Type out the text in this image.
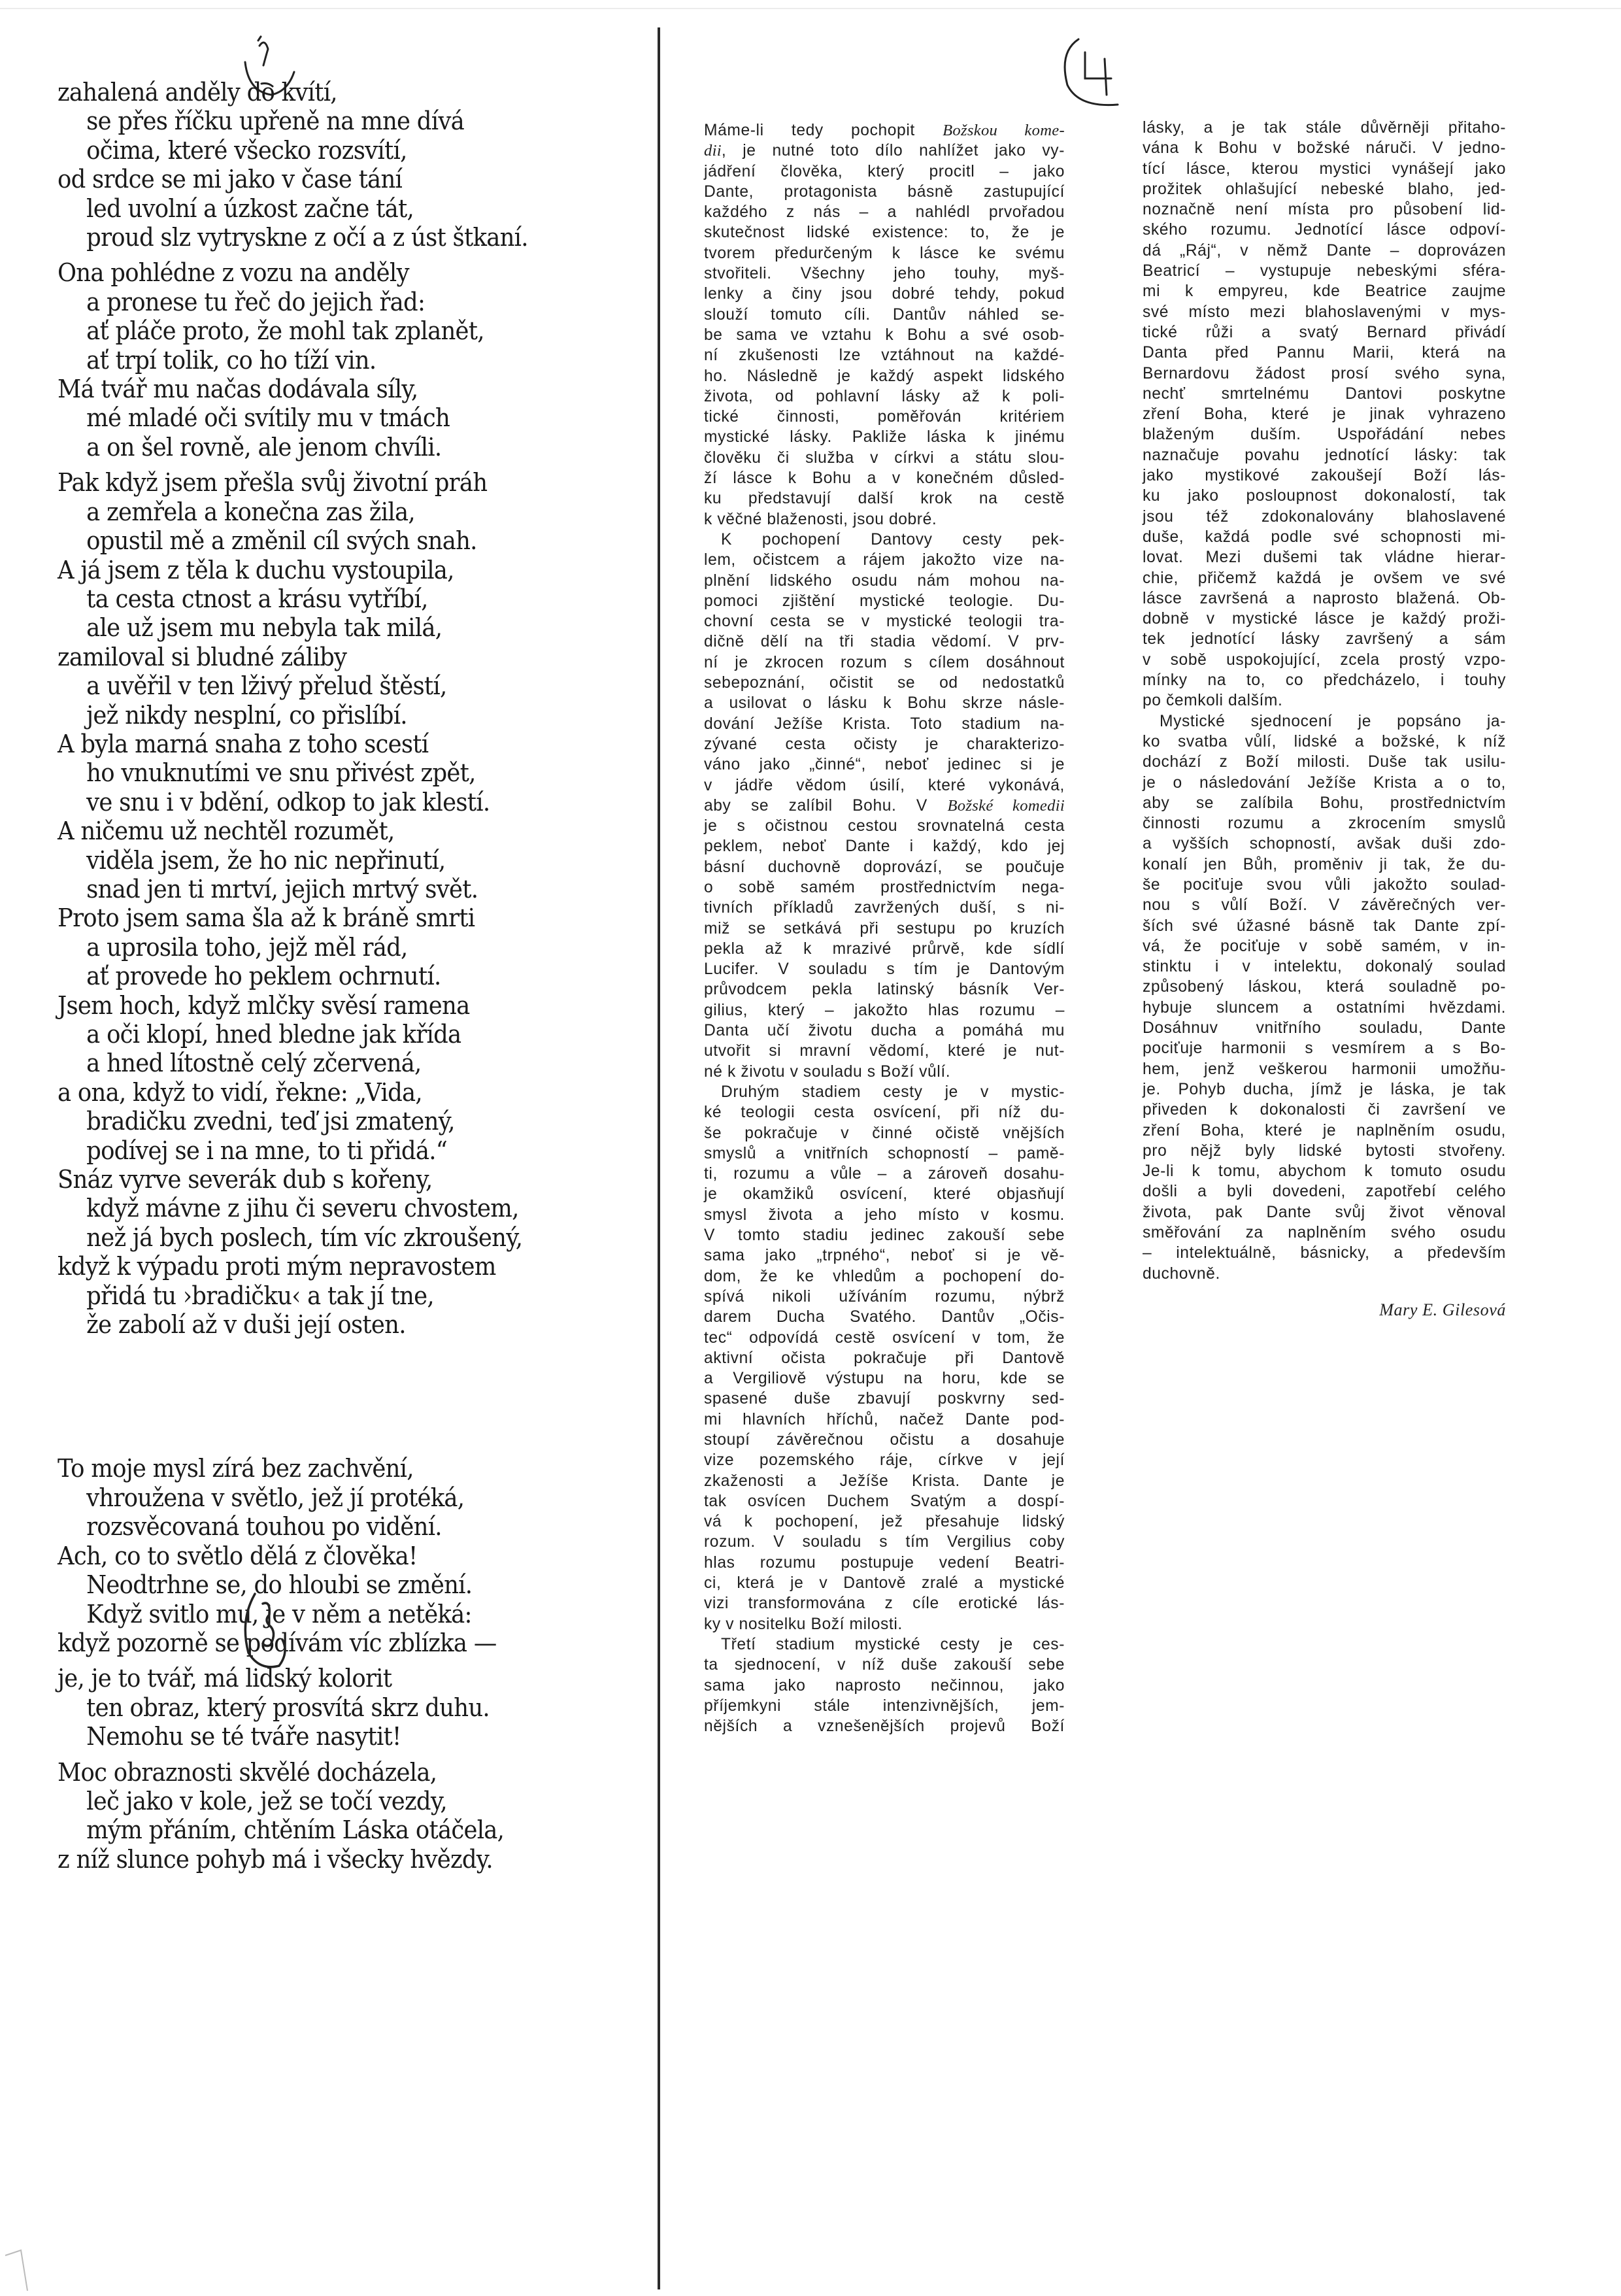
zahalená anděly do kvítí,
se přes říčku upřeně na mne dívá
očima, které všecko rozsvítí,
od srdce se mi jako v čase tání
led uvolní a úzkost začne tát,
proud slz vytryskne z očí a z úst štkaní.
Ona pohlédne z vozu na anděly
a pronese tu řeč do jejich řad:
ať pláče proto, že mohl tak zplanět,
ať trpí tolik, co ho tíží vin.
Má tvář mu načas dodávala síly,
mé mladé oči svítily mu v tmách
a on šel rovně, ale jenom chvíli.
Pak když jsem přešla svůj životní práh
a zemřela a konečna zas žila,
opustil mě a změnil cíl svých snah.
A já jsem z těla k duchu vystoupila,
ta cesta ctnost a krásu vytříbí,
ale už jsem mu nebyla tak milá,
zamiloval si bludné záliby
a uvěřil v ten lživý přelud štěstí,
jež nikdy nesplní, co přislíbí.
A byla marná snaha z toho scestí
ho vnuknutími ve snu přivést zpět,
ve snu i v bdění, odkop to jak klestí.
A ničemu už nechtěl rozumět,
viděla jsem, že ho nic nepřinutí,
snad jen ti mrtví, jejich mrtvý svět.
Proto jsem sama šla až k bráně smrti
a uprosila toho, jejž měl rád,
ať provede ho peklem ochrnutí.
Jsem hoch, když mlčky svěsí ramena
a oči klopí, hned bledne jak křída
a hned lítostně celý zčervená,
a ona, když to vidí, řekne: „Vida,
bradičku zvedni, teď jsi zmatený,
podívej se i na mne, to ti přidá.“
Snáz vyrve severák dub s kořeny,
když mávne z jihu či severu chvostem,
než já bych poslech, tím víc zkroušený,
když k výpadu proti mým nepravostem
přidá tu ›bradičku‹ a tak jí tne,
že zabolí až v duši její osten.
To moje mysl zírá bez zachvění,
vhroužena v světlo, jež jí protéká,
rozsvěcovaná touhou po vidění.
Ach, co to světlo dělá z člověka!
Neodtrhne se, do hloubi se změní.
Když svitlo mu, je v něm a netěká:
když pozorně se podívám víc zblízka —
je, je to tvář, má lidský kolorit
ten obraz, který prosvítá skrz duhu.
Nemohu se té tváře nasytit!
Moc obraznosti skvělé docházela,
leč jako v kole, jež se točí vezdy,
mým přáním, chtěním Láska otáčela,
z níž slunce pohyb má i všecky hvězdy.
Máme-li tedy pochopit Božskou kome-
dii, je nutné toto dílo nahlížet jako vy-
jádření člověka, který procitl – jako
Dante, protagonista básně zastupující
každého z nás – a nahlédl prvořadou
skutečnost lidské existence: to, že je
tvorem předurčeným k lásce ke svému
stvořiteli. Všechny jeho touhy, myš-
lenky a činy jsou dobré tehdy, pokud
slouží tomuto cíli. Dantův náhled se-
be sama ve vztahu k Bohu a své osob-
ní zkušenosti lze vztáhnout na každé-
ho. Následně je každý aspekt lidského
života, od pohlavní lásky až k poli-
tické činnosti, poměřován kritériem
mystické lásky. Pakliže láska k jinému
člověku či služba v církvi a státu slou-
ží lásce k Bohu a v konečném důsled-
ku představují další krok na cestě
k věčné blaženosti, jsou dobré.
K pochopení Dantovy cesty pek-
lem, očistcem a rájem jakožto vize na-
plnění lidského osudu nám mohou na-
pomoci zjištění mystické teologie. Du-
chovní cesta se v mystické teologii tra-
dičně dělí na tři stadia vědomí. V prv-
ní je zkrocen rozum s cílem dosáhnout
sebepoznání, očistit se od nedostatků
a usilovat o lásku k Bohu skrze násle-
dování Ježíše Krista. Toto stadium na-
zývané cesta očisty je charakterizo-
váno jako „činné“, neboť jedinec si je
v jádře vědom úsilí, které vykonává,
aby se zalíbil Bohu. V Božské komedii
je s očistnou cestou srovnatelná cesta
peklem, neboť Dante i každý, kdo jej
básní duchovně doprovází, se poučuje
o sobě samém prostřednictvím nega-
tivních příkladů zavržených duší, s ni-
miž se setkává při sestupu po kruzích
pekla až k mrazivé průrvě, kde sídlí
Lucifer. V souladu s tím je Dantovým
průvodcem pekla latinský básník Ver-
gilius, který – jakožto hlas rozumu –
Danta učí životu ducha a pomáhá mu
utvořit si mravní vědomí, které je nut-
né k životu v souladu s Boží vůlí.
Druhým stadiem cesty je v mystic-
ké teologii cesta osvícení, při níž du-
še pokračuje v činné očistě vnějších
smyslů a vnitřních schopností – pamě-
ti, rozumu a vůle – a zároveň dosahu-
je okamžiků osvícení, které objasňují
smysl života a jeho místo v kosmu.
V tomto stadiu jedinec zakouší sebe
sama jako „trpného“, neboť si je vě-
dom, že ke vhledům a pochopení do-
spívá nikoli užíváním rozumu, nýbrž
darem Ducha Svatého. Dantův „Očis-
tec“ odpovídá cestě osvícení v tom, že
aktivní očista pokračuje při Dantově
a Vergiliově výstupu na horu, kde se
spasené duše zbavují poskvrny sed-
mi hlavních hříchů, načež Dante pod-
stoupí závěrečnou očistu a dosahuje
vize pozemského ráje, církve v její
zkaženosti a Ježíše Krista. Dante je
tak osvícen Duchem Svatým a dospí-
vá k pochopení, jež přesahuje lidský
rozum. V souladu s tím Vergilius coby
hlas rozumu postupuje vedení Beatri-
ci, která je v Dantově zralé a mystické
vizi transformována z cíle erotické lás-
ky v nositelku Boží milosti.
Třetí stadium mystické cesty je ces-
ta sjednocení, v níž duše zakouší sebe
sama jako naprosto nečinnou, jako
příjemkyni stále intenzivnějších, jem-
nějších a vznešenějších projevů Boží
lásky, a je tak stále důvěrněji přitaho-
vána k Bohu v božské náruči. V jedno-
tící lásce, kterou mystici vynášejí jako
prožitek ohlašující nebeské blaho, jed-
noznačně není místa pro působení lid-
ského rozumu. Jednotící lásce odpoví-
dá „Ráj“, v němž Dante – doprovázen
Beatricí – vystupuje nebeskými sféra-
mi k empyreu, kde Beatrice zaujme
své místo mezi blahoslavenými v mys-
tické růži a svatý Bernard přivádí
Danta před Pannu Marii, která na
Bernardovu žádost prosí svého syna,
nechť smrtelnému Dantovi poskytne
zření Boha, které je jinak vyhrazeno
blaženým duším. Uspořádání nebes
naznačuje povahu jednotící lásky: tak
jako mystikové zakoušejí Boží lás-
ku jako posloupnost dokonalostí, tak
jsou též zdokonalovány blahoslavené
duše, každá podle své schopnosti mi-
lovat. Mezi dušemi tak vládne hierar-
chie, přičemž každá je ovšem ve své
lásce završená a naprosto blažená. Ob-
dobně v mystické lásce je každý proži-
tek jednotící lásky završený a sám
v sobě uspokojující, zcela prostý vzpo-
mínky na to, co předcházelo, i touhy
po čemkoli dalším.
Mystické sjednocení je popsáno ja-
ko svatba vůlí, lidské a božské, k níž
dochází z Boží milosti. Duše tak usilu-
je o následování Ježíše Krista a o to,
aby se zalíbila Bohu, prostřednictvím
činnosti rozumu a zkrocením smyslů
a vyšších schopností, avšak duši zdo-
konalí jen Bůh, proměniv ji tak, že du-
še pociťuje svou vůli jakožto soulad-
nou s vůlí Boží. V závěrečných ver-
ších své úžasné básně tak Dante zpí-
vá, že pociťuje v sobě samém, v in-
stinktu i v intelektu, dokonalý soulad
způsobený láskou, která souladně po-
hybuje sluncem a ostatními hvězdami.
Dosáhnuv vnitřního souladu, Dante
pociťuje harmonii s vesmírem a s Bo-
hem, jenž veškerou harmonii umožňu-
je. Pohyb ducha, jímž je láska, je tak
přiveden k dokonalosti či završení ve
zření Boha, které je naplněním osudu,
pro nějž byly lidské bytosti stvořeny.
Je-li k tomu, abychom k tomuto osudu
došli a byli dovedeni, zapotřebí celého
života, pak Dante svůj život věnoval
směřování za naplněním svého osudu
– intelektuálně, básnicky, a především
duchovně.
Mary E. Gilesová
